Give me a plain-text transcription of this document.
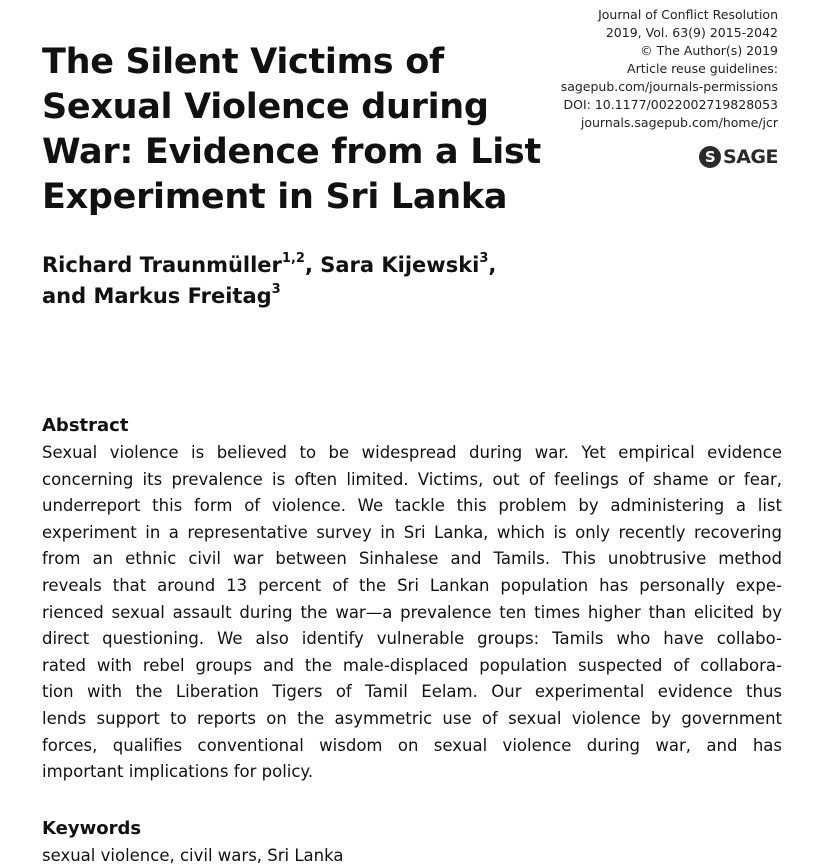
The Silent Victims of
Sexual Violence during
War: Evidence from a List
Experiment in Sri Lanka
Journal of Conflict Resolution
2019, Vol. 63(9) 2015-2042
© The Author(s) 2019
Article reuse guidelines:
sagepub.com/journals-permissions
DOI: 10.1177/0022002719828053
journals.sagepub.com/home/jcr
S SAGE
Richard Traunmüller$^{1,2}$, Sara Kijewski$^3$,
and Markus Freitag$^3$
Abstract
Sexual violence is believed to be widespread during war. Yet empirical evidence
concerning its prevalence is often limited. Victims, out of feelings of shame or fear,
underreport this form of violence. We tackle this problem by administering a list
experiment in a representative survey in Sri Lanka, which is only recently recovering
from an ethnic civil war between Sinhalese and Tamils. This unobtrusive method
reveals that around 13 percent of the Sri Lankan population has personally expe-
rienced sexual assault during the war—a prevalence ten times higher than elicited by
direct questioning. We also identify vulnerable groups: Tamils who have collabo-
rated with rebel groups and the male-displaced population suspected of collabora-
tion with the Liberation Tigers of Tamil Eelam. Our experimental evidence thus
lends support to reports on the asymmetric use of sexual violence by government
forces, qualifies conventional wisdom on sexual violence during war, and has
important implications for policy.
Keywords
sexual violence, civil wars, Sri Lanka
